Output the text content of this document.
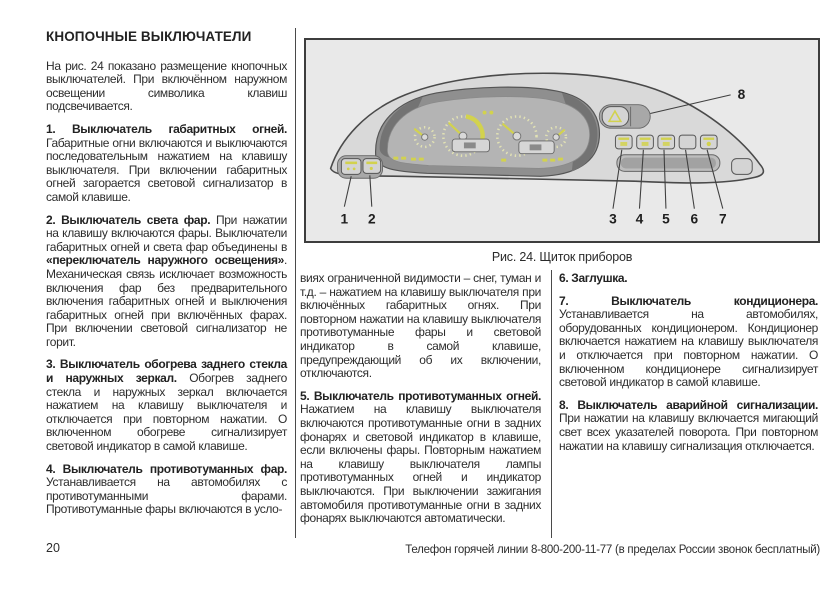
КНОПОЧНЫЕ ВЫКЛЮЧАТЕЛИ

На рис. 24 показано размещение кнопочных выключателей. При включённом наружном освещении символика клавиш подсвечивается.

1. Выключатель габаритных огней. Габаритные огни включаются и выключаются последовательным нажатием на клавишу выключателя. При включении габаритных огней загорается световой сигнализатор в самой клавише.

2. Выключатель света фар. При нажатии на клавишу включаются фары. Выключатели габаритных огней и света фар объединены в «переключатель наружного освещения». Механическая связь исключает возможность включения фар без предварительного включения габаритных огней и выключения габаритных огней при включённых фарах. При включении световой сигнализатор не горит.

3. Выключатель обогрева заднего стекла и наружных зеркал. Обогрев заднего стекла и наружных зеркал включается нажатием на клавишу выключателя и отключается при повторном нажатии. О включенном обогреве сигнализирует световой индикатор в самой клавише.

4. Выключатель противотуманных фар. Устанавливается на автомобилях с противотуманными фарами. Противотуманные фары включаются в усло-

1 2	3 4 5 6 7
8
Рис. 24. Щиток приборов

виях ограниченной видимости – снег, туман и т.д. – нажатием на клавишу выключателя при включённых габаритных огнях. При повторном нажатии на клавишу выключателя противотуманные фары и световой индикатор в самой клавише, предупреждающий об их включении, отключаются.

5. Выключатель противотуманных огней. Нажатием на клавишу выключателя включаются противотуманные огни в задних фонарях и световой индикатор в клавише, если включены фары. Повторным нажатием на клавишу выключателя лампы противотуманных огней и индикатор выключаются. При выключении зажигания автомобиля противотуманные огни в задних фонарях выключаются автоматически.

6. Заглушка.

7. Выключатель кондиционера. Устанавливается на автомобилях, оборудованных кондиционером. Кондиционер включается нажатием на клавишу выключателя и отключается при повторном нажатии. О включенном кондиционере сигнализирует световой индикатор в самой клавише.

8. Выключатель аварийной сигнализации. При нажатии на клавишу включается мигающий свет всех указателей поворота. При повторном нажатии на клавишу сигнализация отключается.

20	Телефон горячей линии 8-800-200-11-77 (в пределах России звонок бесплатный)
